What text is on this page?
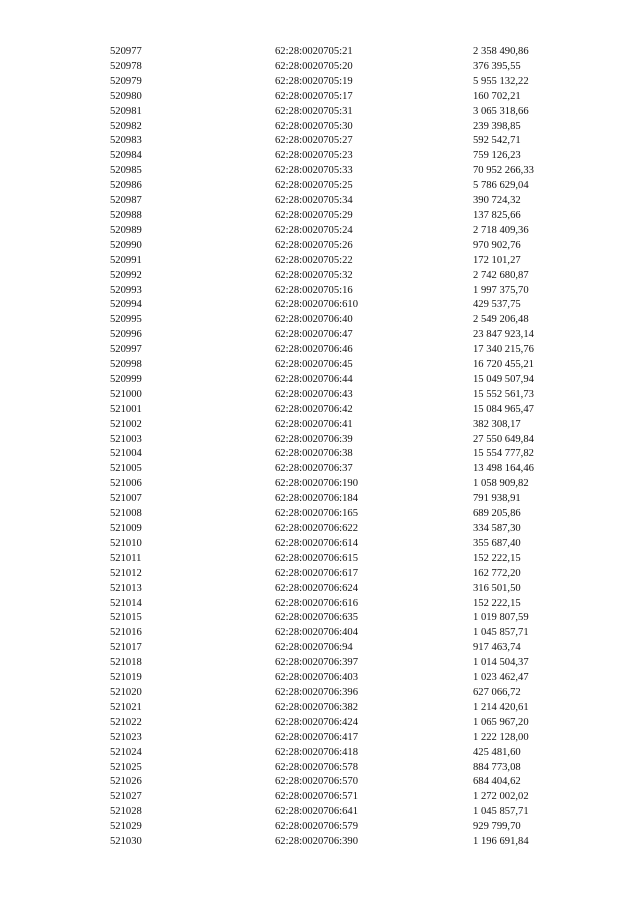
520977	62:28:0020705:21	2 358 490,86
520978	62:28:0020705:20	376 395,55
520979	62:28:0020705:19	5 955 132,22
520980	62:28:0020705:17	160 702,21
520981	62:28:0020705:31	3 065 318,66
520982	62:28:0020705:30	239 398,85
520983	62:28:0020705:27	592 542,71
520984	62:28:0020705:23	759 126,23
520985	62:28:0020705:33	70 952 266,33
520986	62:28:0020705:25	5 786 629,04
520987	62:28:0020705:34	390 724,32
520988	62:28:0020705:29	137 825,66
520989	62:28:0020705:24	2 718 409,36
520990	62:28:0020705:26	970 902,76
520991	62:28:0020705:22	172 101,27
520992	62:28:0020705:32	2 742 680,87
520993	62:28:0020705:16	1 997 375,70
520994	62:28:0020706:610	429 537,75
520995	62:28:0020706:40	2 549 206,48
520996	62:28:0020706:47	23 847 923,14
520997	62:28:0020706:46	17 340 215,76
520998	62:28:0020706:45	16 720 455,21
520999	62:28:0020706:44	15 049 507,94
521000	62:28:0020706:43	15 552 561,73
521001	62:28:0020706:42	15 084 965,47
521002	62:28:0020706:41	382 308,17
521003	62:28:0020706:39	27 550 649,84
521004	62:28:0020706:38	15 554 777,82
521005	62:28:0020706:37	13 498 164,46
521006	62:28:0020706:190	1 058 909,82
521007	62:28:0020706:184	791 938,91
521008	62:28:0020706:165	689 205,86
521009	62:28:0020706:622	334 587,30
521010	62:28:0020706:614	355 687,40
521011	62:28:0020706:615	152 222,15
521012	62:28:0020706:617	162 772,20
521013	62:28:0020706:624	316 501,50
521014	62:28:0020706:616	152 222,15
521015	62:28:0020706:635	1 019 807,59
521016	62:28:0020706:404	1 045 857,71
521017	62:28:0020706:94	917 463,74
521018	62:28:0020706:397	1 014 504,37
521019	62:28:0020706:403	1 023 462,47
521020	62:28:0020706:396	627 066,72
521021	62:28:0020706:382	1 214 420,61
521022	62:28:0020706:424	1 065 967,20
521023	62:28:0020706:417	1 222 128,00
521024	62:28:0020706:418	425 481,60
521025	62:28:0020706:578	884 773,08
521026	62:28:0020706:570	684 404,62
521027	62:28:0020706:571	1 272 002,02
521028	62:28:0020706:641	1 045 857,71
521029	62:28:0020706:579	929 799,70
521030	62:28:0020706:390	1 196 691,84
